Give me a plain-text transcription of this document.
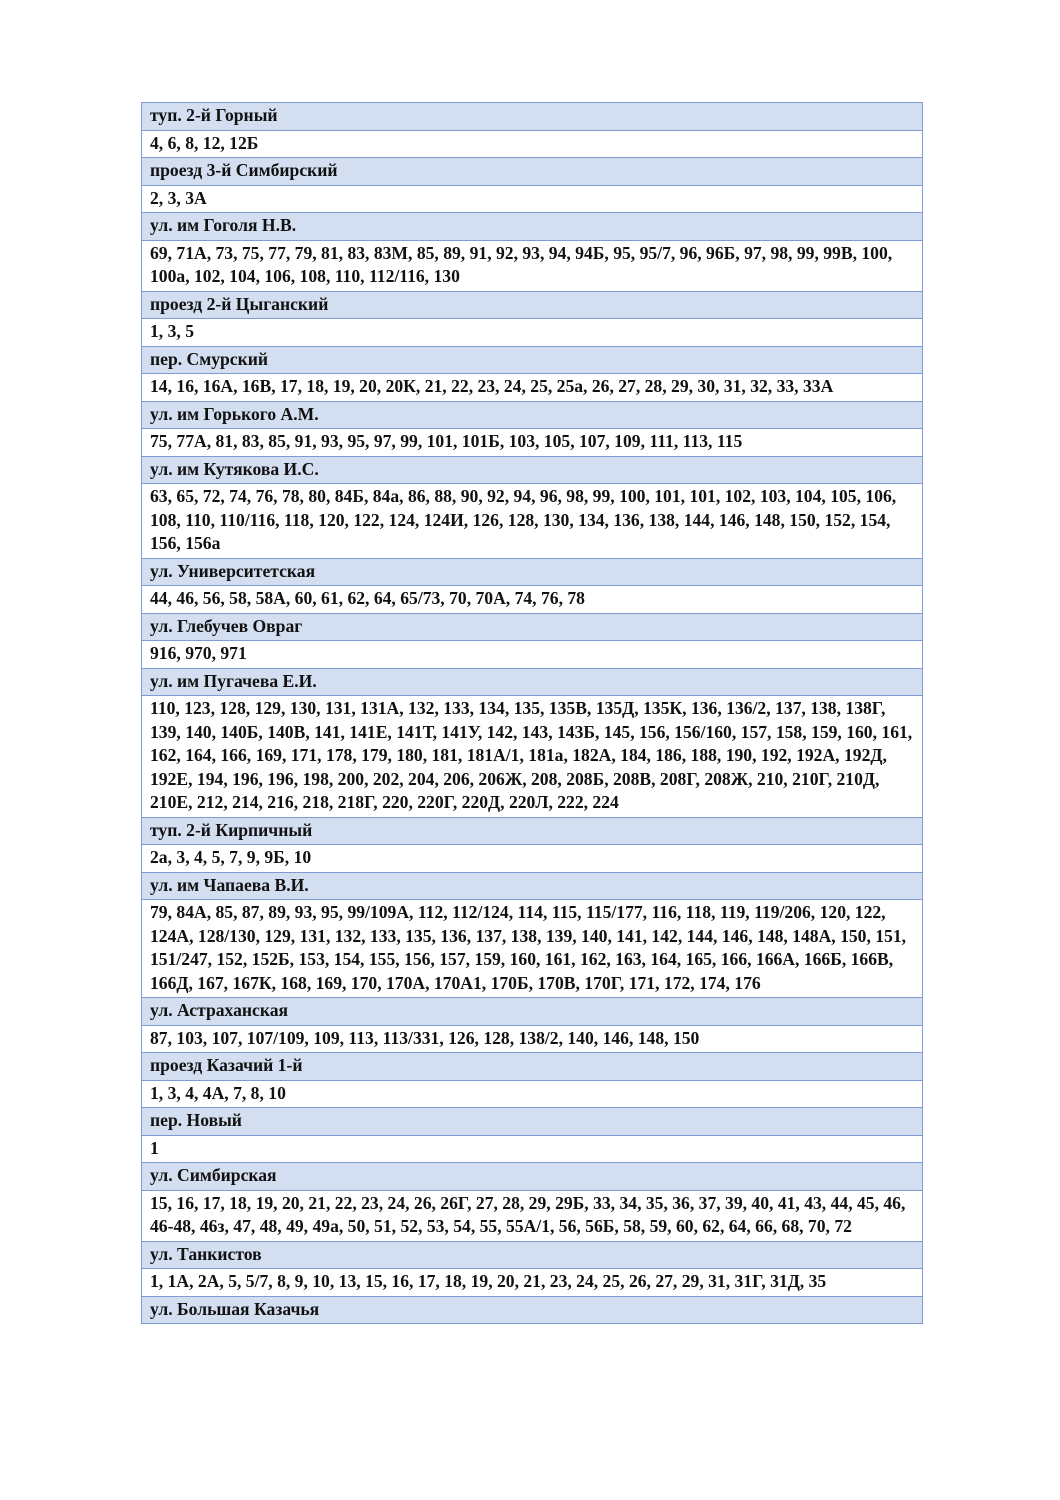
туп. 2-й Горный
4, 6, 8, 12, 12Б
проезд 3-й Симбирский
2, 3, 3А
ул. им Гоголя Н.В.
69, 71А, 73, 75, 77, 79, 81, 83, 83М, 85, 89, 91, 92, 93, 94, 94Б, 95, 95/7, 96, 96Б, 97, 98, 99, 99В, 100, 100а, 102, 104, 106, 108, 110, 112/116, 130
проезд 2-й Цыганский
1, 3, 5
пер. Смурский
14, 16, 16А, 16В, 17, 18, 19, 20, 20К, 21, 22, 23, 24, 25, 25а, 26, 27, 28, 29, 30, 31, 32, 33, 33А
ул. им Горького А.М.
75, 77А, 81, 83, 85, 91, 93, 95, 97, 99, 101, 101Б, 103, 105, 107, 109, 111, 113, 115
ул. им Кутякова И.С.
63, 65, 72, 74, 76, 78, 80, 84Б, 84а, 86, 88, 90, 92, 94, 96, 98, 99, 100, 101, 101, 102, 103, 104, 105, 106, 108, 110, 110/116, 118, 120, 122, 124, 124И, 126, 128, 130, 134, 136, 138, 144, 146, 148, 150, 152, 154, 156, 156а
ул. Университетская
44, 46, 56, 58, 58А, 60, 61, 62, 64, 65/73, 70, 70А, 74, 76, 78
ул. Глебучев Овраг
916, 970, 971
ул. им Пугачева Е.И.
110, 123, 128, 129, 130, 131, 131А, 132, 133, 134, 135, 135В, 135Д, 135К, 136, 136/2, 137, 138, 138Г, 139, 140, 140Б, 140В, 141, 141Е, 141Т, 141У, 142, 143, 143Б, 145, 156, 156/160, 157, 158, 159, 160, 161, 162, 164, 166, 169, 171, 178, 179, 180, 181, 181А/1, 181а, 182А, 184, 186, 188, 190, 192, 192А, 192Д, 192Е, 194, 196, 196, 198, 200, 202, 204, 206, 206Ж, 208, 208Б, 208В, 208Г, 208Ж, 210, 210Г, 210Д, 210Е, 212, 214, 216, 218, 218Г, 220, 220Г, 220Д, 220Л, 222, 224
туп. 2-й Кирпичный
2а, 3, 4, 5, 7, 9, 9Б, 10
ул. им Чапаева В.И.
79, 84А, 85, 87, 89, 93, 95, 99/109А, 112, 112/124, 114, 115, 115/177, 116, 118, 119, 119/206, 120, 122, 124А, 128/130, 129, 131, 132, 133, 135, 136, 137, 138, 139, 140, 141, 142, 144, 146, 148, 148А, 150, 151, 151/247, 152, 152Б, 153, 154, 155, 156, 157, 159, 160, 161, 162, 163, 164, 165, 166, 166А, 166Б, 166В, 166Д, 167, 167К, 168, 169, 170, 170А, 170А1, 170Б, 170В, 170Г, 171, 172, 174, 176
ул. Астраханская
87, 103, 107, 107/109, 109, 113, 113/331, 126, 128, 138/2, 140, 146, 148, 150
проезд Казачий 1-й
1, 3, 4, 4А, 7, 8, 10
пер. Новый
1
ул. Симбирская
15, 16, 17, 18, 19, 20, 21, 22, 23, 24, 26, 26Г, 27, 28, 29, 29Б, 33, 34, 35, 36, 37, 39, 40, 41, 43, 44, 45, 46, 46-48, 46з, 47, 48, 49, 49а, 50, 51, 52, 53, 54, 55, 55А/1, 56, 56Б, 58, 59, 60, 62, 64, 66, 68, 70, 72
ул. Танкистов
1, 1А, 2А, 5, 5/7, 8, 9, 10, 13, 15, 16, 17, 18, 19, 20, 21, 23, 24, 25, 26, 27, 29, 31, 31Г, 31Д, 35
ул. Большая Казачья
